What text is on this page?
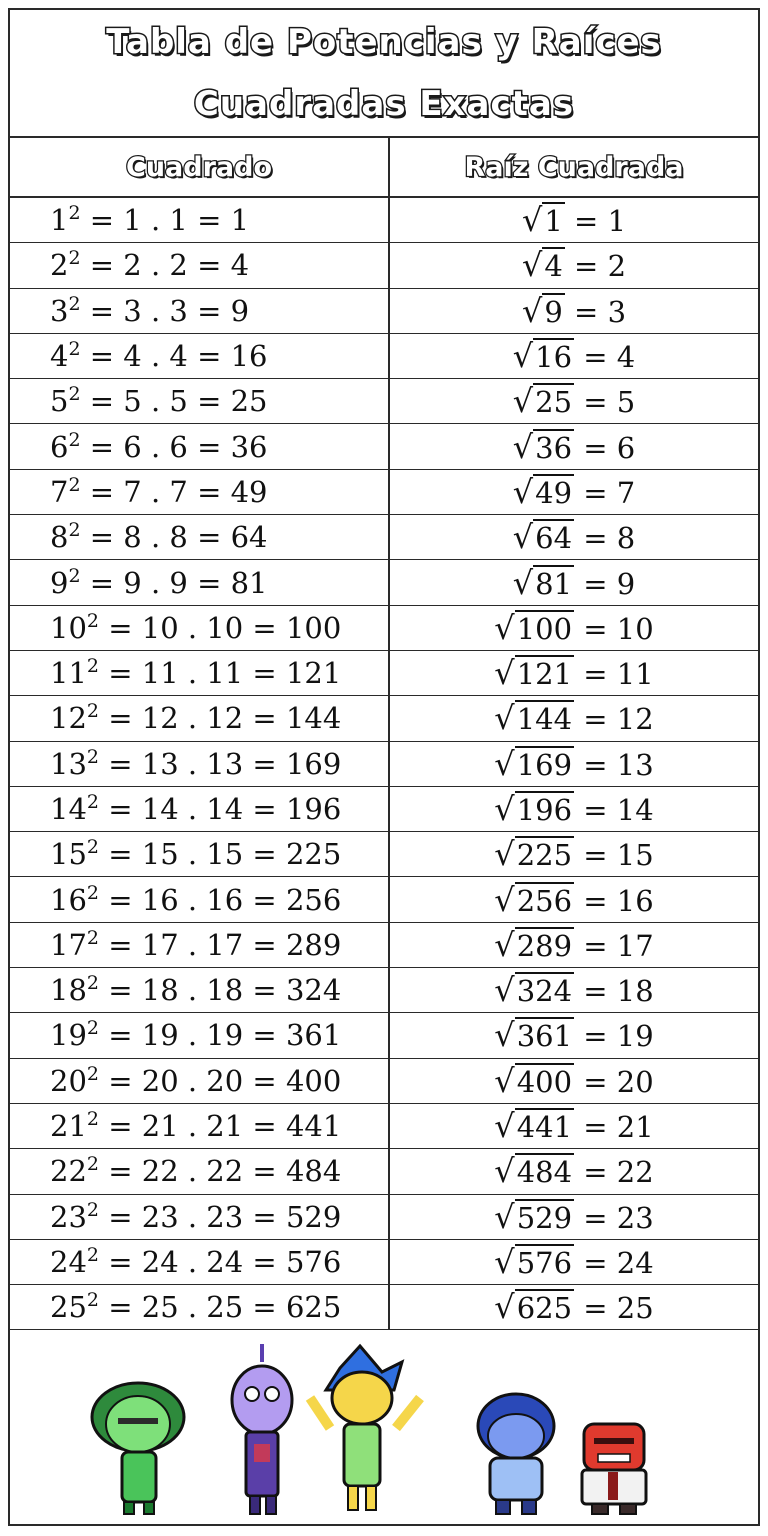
Tabla de Potencias y Raíces
Cuadradas Exactas
Cuadrado	Raíz Cuadrada
$1^2 = 1$ . 1 = 1	√1 = 1
$2^2 = 2$ . 2 = 4	√4 = 2
$3^2 = 3$ . 3 = 9	√9 = 3
$4^2 = 4$ . 4 = 16	√16 = 4
$5^2 = 5$ . 5 = 25	√25 = 5
$6^2 = 6$ . 6 = 36	√36 = 6
$7^2 = 7$ . 7 = 49	√49 = 7
$8^2 = 8$ . 8 = 64	√64 = 8
$9^2 = 9$ . 9 = 81	√81 = 9
$10^2 = 10$ . 10 = 100	√100 = 10
$11^2 = 11$ . 11 = 121	√121 = 11
$12^2 = 12$ . 12 = 144	√144 = 12
$13^2 = 13$ . 13 = 169	√169 = 13
$14^2 = 14$ . 14 = 196	√196 = 14
$15^2 = 15$ . 15 = 225	√225 = 15
$16^2 = 16$ . 16 = 256	√256 = 16
$17^2 = 17$ . 17 = 289	√289 = 17
$18^2 = 18$ . 18 = 324	√324 = 18
$19^2 = 19$ . 19 = 361	√361 = 19
$20^2 = 20$ . 20 = 400	√400 = 20
$21^2 = 21$ . 21 = 441	√441 = 21
$22^2 = 22$ . 22 = 484	√484 = 22
$23^2 = 23$ . 23 = 529	√529 = 23
$24^2 = 24$ . 24 = 576	√576 = 24
$25^2 = 25$ . 25 = 625	√625 = 25
